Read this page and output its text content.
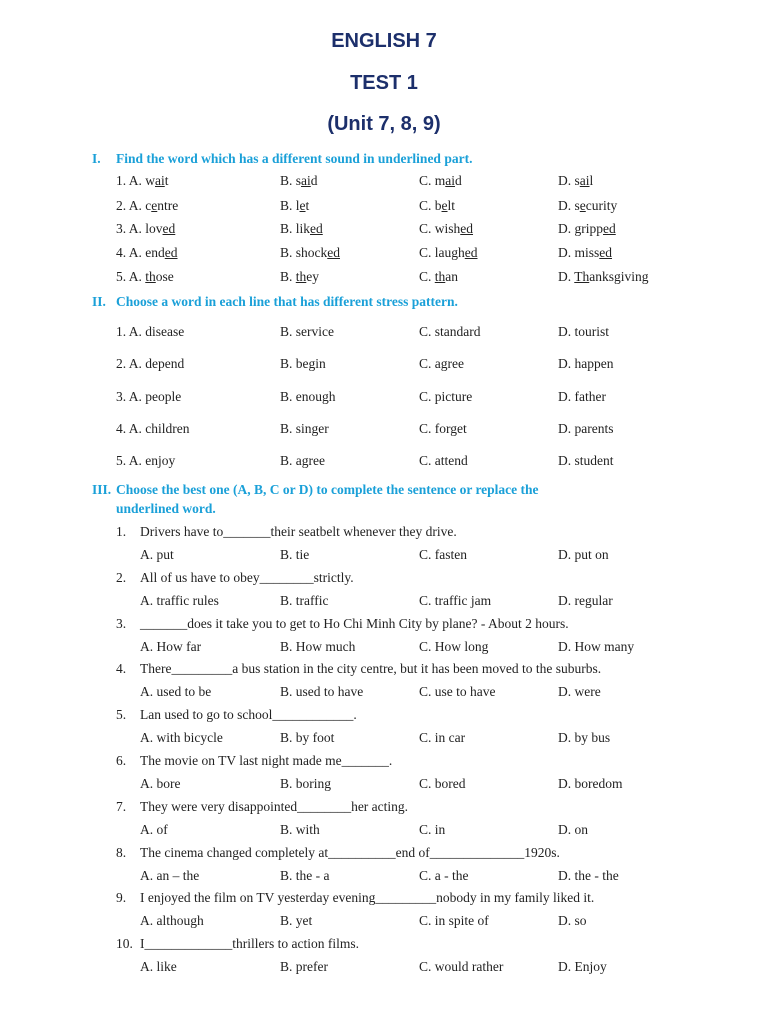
ENGLISH 7
TEST 1
(Unit 7, 8, 9)
I. Find the word which has a different sound in underlined part.
1. A. wait	B. said	C. maid	D. sail
2. A. centre	B. let	C. belt	D. security
3. A. loved	B. liked	C. wished	D. gripped
4. A. ended	B. shocked	C. laughed	D. missed
5. A. those	B. they	C. than	D. Thanksgiving
II. Choose a word in each line that has different stress pattern.
1. A. disease	B. service	C. standard	D. tourist
2. A. depend	B. begin	C. agree	D. happen
3. A. people	B. enough	C. picture	D. father
4. A. children	B. singer	C. forget	D. parents
5. A. enjoy	B. agree	C. attend	D. student
III. Choose the best one (A, B, C or D) to complete the sentence or replace the
underlined word.
1. Drivers have to_______their seatbelt whenever they drive.
A. put	B. tie	C. fasten	D. put on
2. All of us have to obey________strictly.
A. traffic rules	B. traffic	C. traffic jam	D. regular
3. _______does it take you to get to Ho Chi Minh City by plane? - About 2 hours.
A. How far	B. How much	C. How long	D. How many
4. There_________a bus station in the city centre, but it has been moved to the suburbs.
A. used to be	B. used to have	C. use to have	D. were
5. Lan used to go to school____________.
A. with bicycle	B. by foot	C. in car	D. by bus
6. The movie on TV last night made me_______.
A. bore	B. boring	C. bored	D. boredom
7. They were very disappointed________her acting.
A. of	B. with	C. in	D. on
8. The cinema changed completely at__________end of______________1920s.
A. an – the	B. the - a	C. a - the	D. the - the
9. I enjoyed the film on TV yesterday evening_________nobody in my family liked it.
A. although	B. yet	C. in spite of	D. so
10. I_____________thrillers to action films.
A. like	B. prefer	C. would rather	D. Enjoy
